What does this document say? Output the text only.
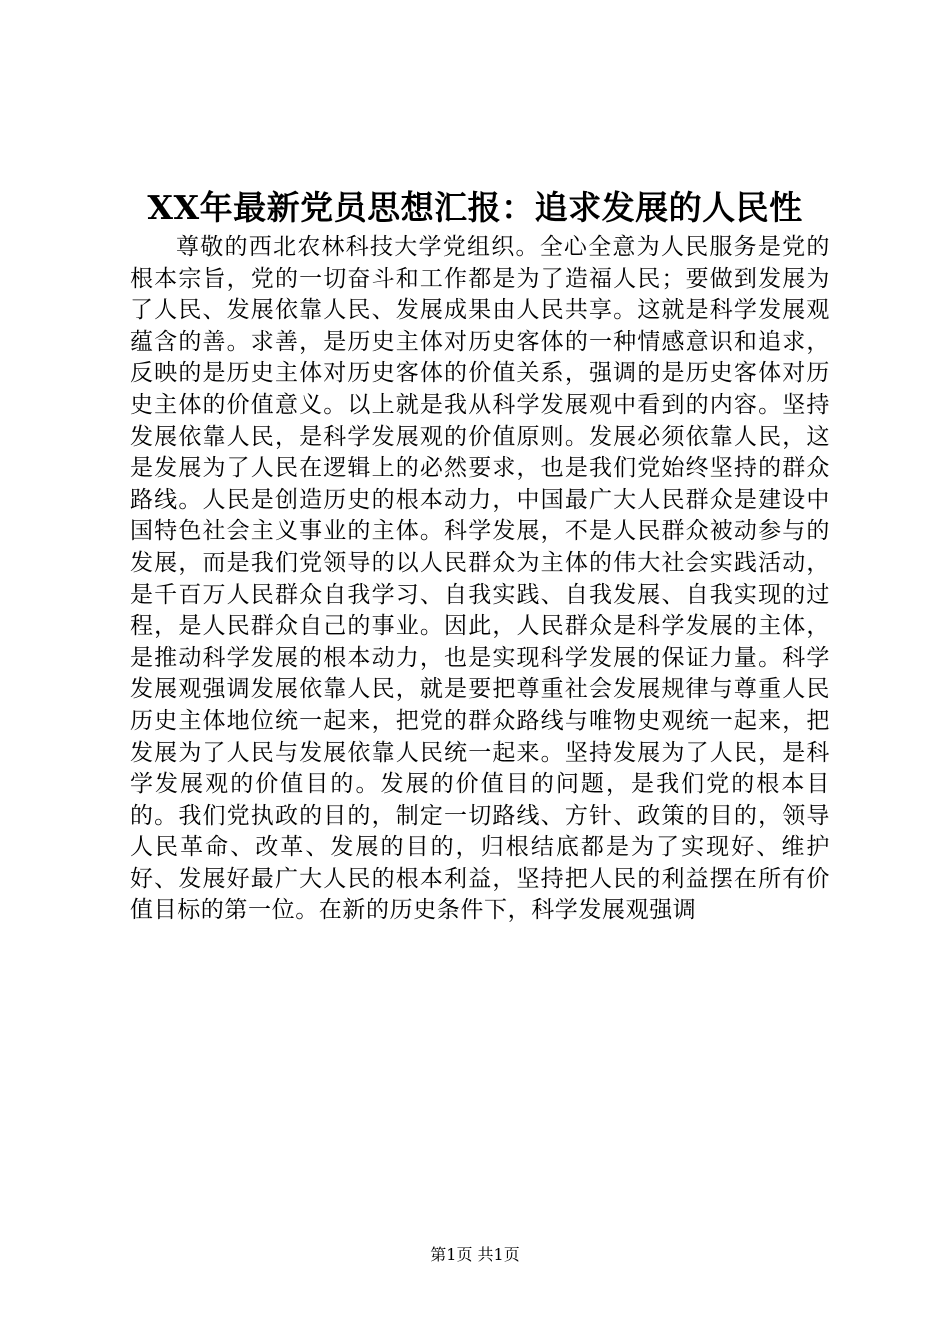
XX年最新党员思想汇报：追求发展的人民性

尊敬的西北农林科技大学党组织。全心全意为人民服务是党的根本宗旨，党的一切奋斗和工作都是为了造福人民；要做到发展为了人民、发展依靠人民、发展成果由人民共享。这就是科学发展观蕴含的善。求善，是历史主体对历史客体的一种情感意识和追求，反映的是历史主体对历史客体的价值关系，强调的是历史客体对历史主体的价值意义。以上就是我从科学发展观中看到的内容。坚持发展依靠人民，是科学发展观的价值原则。发展必须依靠人民，这是发展为了人民在逻辑上的必然要求，也是我们党始终坚持的群众路线。人民是创造历史的根本动力，中国最广大人民群众是建设中国特色社会主义事业的主体。科学发展，不是人民群众被动参与的发展，而是我们党领导的以人民群众为主体的伟大社会实践活动，是千百万人民群众自我学习、自我实践、自我发展、自我实现的过程，是人民群众自己的事业。因此，人民群众是科学发展的主体，是推动科学发展的根本动力，也是实现科学发展的保证力量。科学发展观强调发展依靠人民，就是要把尊重社会发展规律与尊重人民历史主体地位统一起来，把党的群众路线与唯物史观统一起来，把发展为了人民与发展依靠人民统一起来。坚持发展为了人民，是科学发展观的价值目的。发展的价值目的问题，是我们党的根本目的。我们党执政的目的，制定一切路线、方针、政策的目的，领导人民革命、改革、发展的目的，归根结底都是为了实现好、维护好、发展好最广大人民的根本利益，坚持把人民的利益摆在所有价值目标的第一位。在新的历史条件下，科学发展观强调

第1页 共1页
